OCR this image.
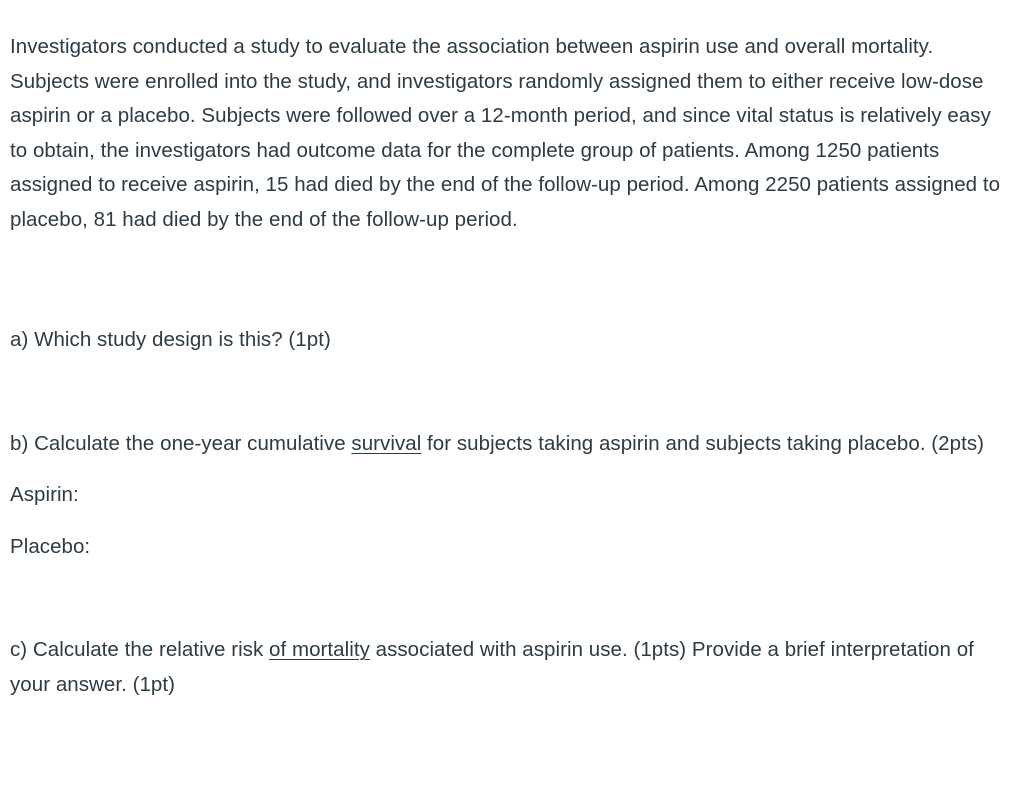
Investigators conducted a study to evaluate the association between aspirin use and overall mortality. Subjects were enrolled into the study, and investigators randomly assigned them to either receive low-dose aspirin or a placebo. Subjects were followed over a 12-month period, and since vital status is relatively easy to obtain, the investigators had outcome data for the complete group of patients. Among 1250 patients assigned to receive aspirin, 15 had died by the end of the follow-up period. Among 2250 patients assigned to placebo, 81 had died by the end of the follow-up period.

a) Which study design is this? (1pt)

b) Calculate the one-year cumulative survival for subjects taking aspirin and subjects taking placebo. (2pts)

Aspirin:

Placebo:

c) Calculate the relative risk of mortality associated with aspirin use. (1pts) Provide a brief interpretation of your answer. (1pt)
